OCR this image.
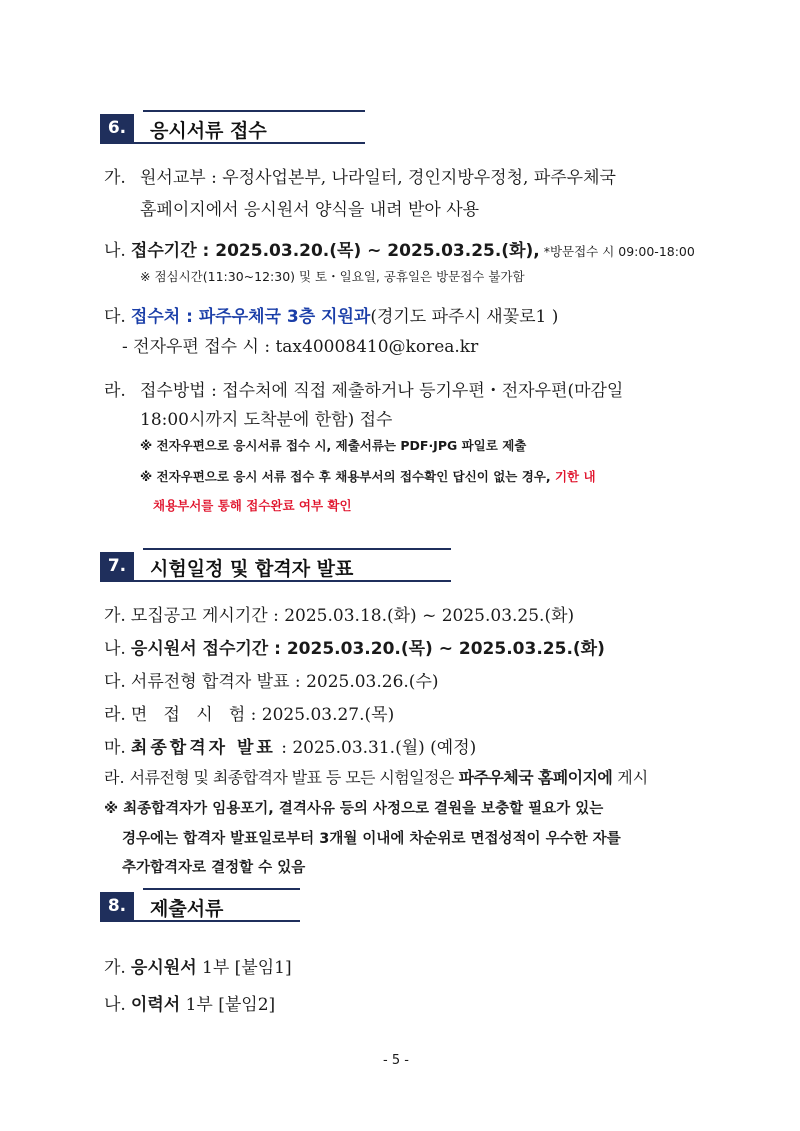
6.	응시서류 접수
가. 원서교부 : 우정사업본부, 나라일터, 경인지방우정청, 파주우체국
홈페이지에서 응시원서 양식을 내려 받아 사용
나. 접수기간 : 2025.03.20.(목) ~ 2025.03.25.(화), *방문접수 시 09:00-18:00
※ 점심시간(11:30~12:30) 및 토・일요일, 공휴일은 방문접수 불가함
다. 접수처 : 파주우체국 3층 지원과(경기도 파주시 새꽃로1 )
- 전자우편 접수 시 : tax40008410@korea.kr
라. 접수방법 : 접수처에 직접 제출하거나 등기우편・전자우편(마감일
18:00시까지 도착분에 한함) 접수
※ 전자우편으로 응시서류 접수 시, 제출서류는 PDF·JPG 파일로 제출
※ 전자우편으로 응시 서류 접수 후 채용부서의 접수확인 답신이 없는 경우, 기한 내
채용부서를 통해 접수완료 여부 확인
7.	시험일정 및 합격자 발표
가. 모집공고 게시기간 : 2025.03.18.(화) ~ 2025.03.25.(화)
나. 응시원서 접수기간 : 2025.03.20.(목) ~ 2025.03.25.(화)
다. 서류전형 합격자 발표 : 2025.03.26.(수)
라. 면   접   시   험 : 2025.03.27.(목)
마. 최종합격자 발표 : 2025.03.31.(월) (예정)
라. 서류전형 및 최종합격자 발표 등 모든 시험일정은 파주우체국 홈페이지에 게시
※ 최종합격자가 임용포기, 결격사유 등의 사정으로 결원을 보충할 필요가 있는
경우에는 합격자 발표일로부터 3개월 이내에 차순위로 면접성적이 우수한 자를
추가합격자로 결정할 수 있음
8.	제출서류
가. 응시원서 1부 [붙임1]
나. 이력서 1부 [붙임2]
- 5 -
